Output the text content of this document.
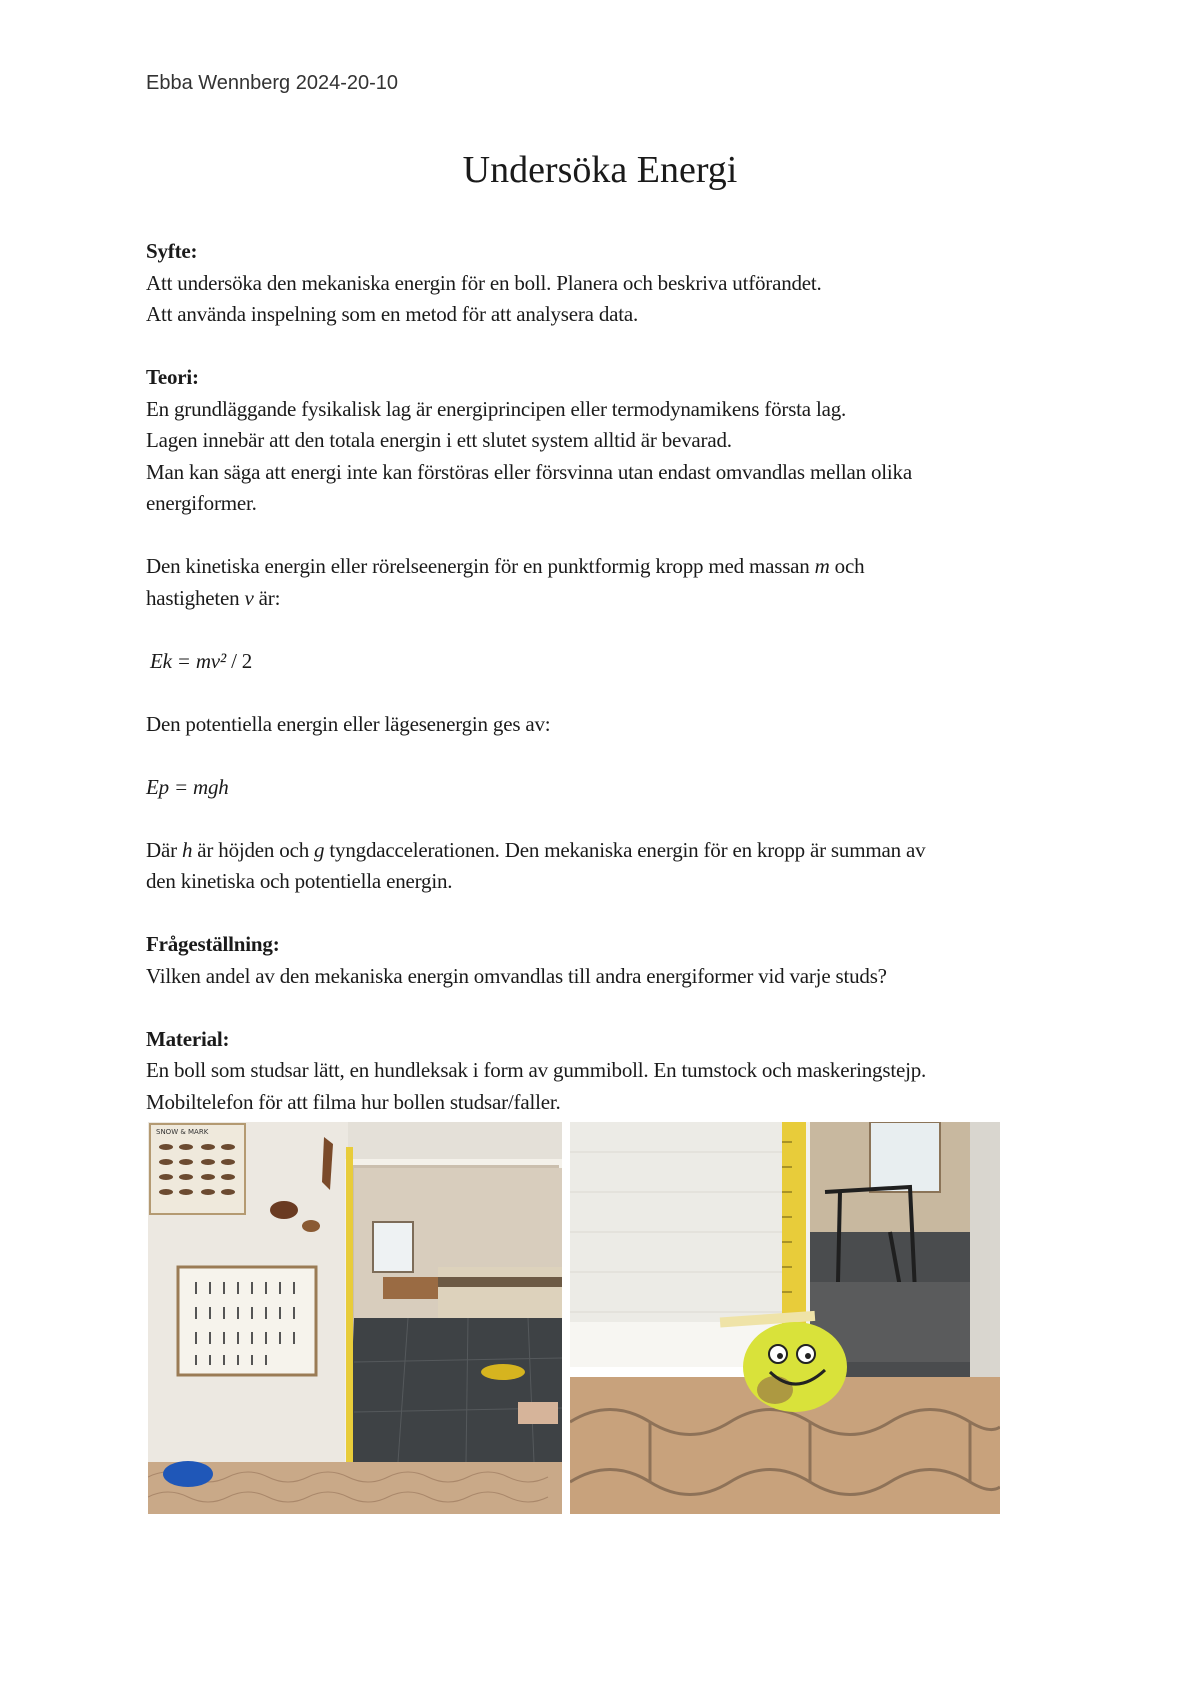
Ebba Wennberg 2024-20-10
Undersöka Energi

Syfte:

Att undersöka den mekaniska energin för en boll. Planera och beskriva utförandet.

Att använda inspelning som en metod för att analysera data.

Teori:

En grundläggande fysikalisk lag är energiprincipen eller termodynamikens första lag.

Lagen innebär att den totala energin i ett slutet system alltid är bevarad.

Man kan säga att energi inte kan förstöras eller försvinna utan endast omvandlas mellan olika

energiformer.

Den kinetiska energin eller rörelseenergin för en punktformig kropp med massan m och

hastigheten v är:

Ek = mv² / 2

Den potentiella energin eller lägesenergin ges av:

Ep = mgh

Där h är höjden och g tyngdaccelerationen. Den mekaniska energin för en kropp är summan av

den kinetiska och potentiella energin.

Frågeställning:

Vilken andel av den mekaniska energin omvandlas till andra energiformer vid varje studs?

Material:

En boll som studsar lätt, en hundleksak i form av gummiboll. En tumstock och maskeringstejp.

Mobiltelefon för att filma hur bollen studsar/faller.

SNOW & MARK
